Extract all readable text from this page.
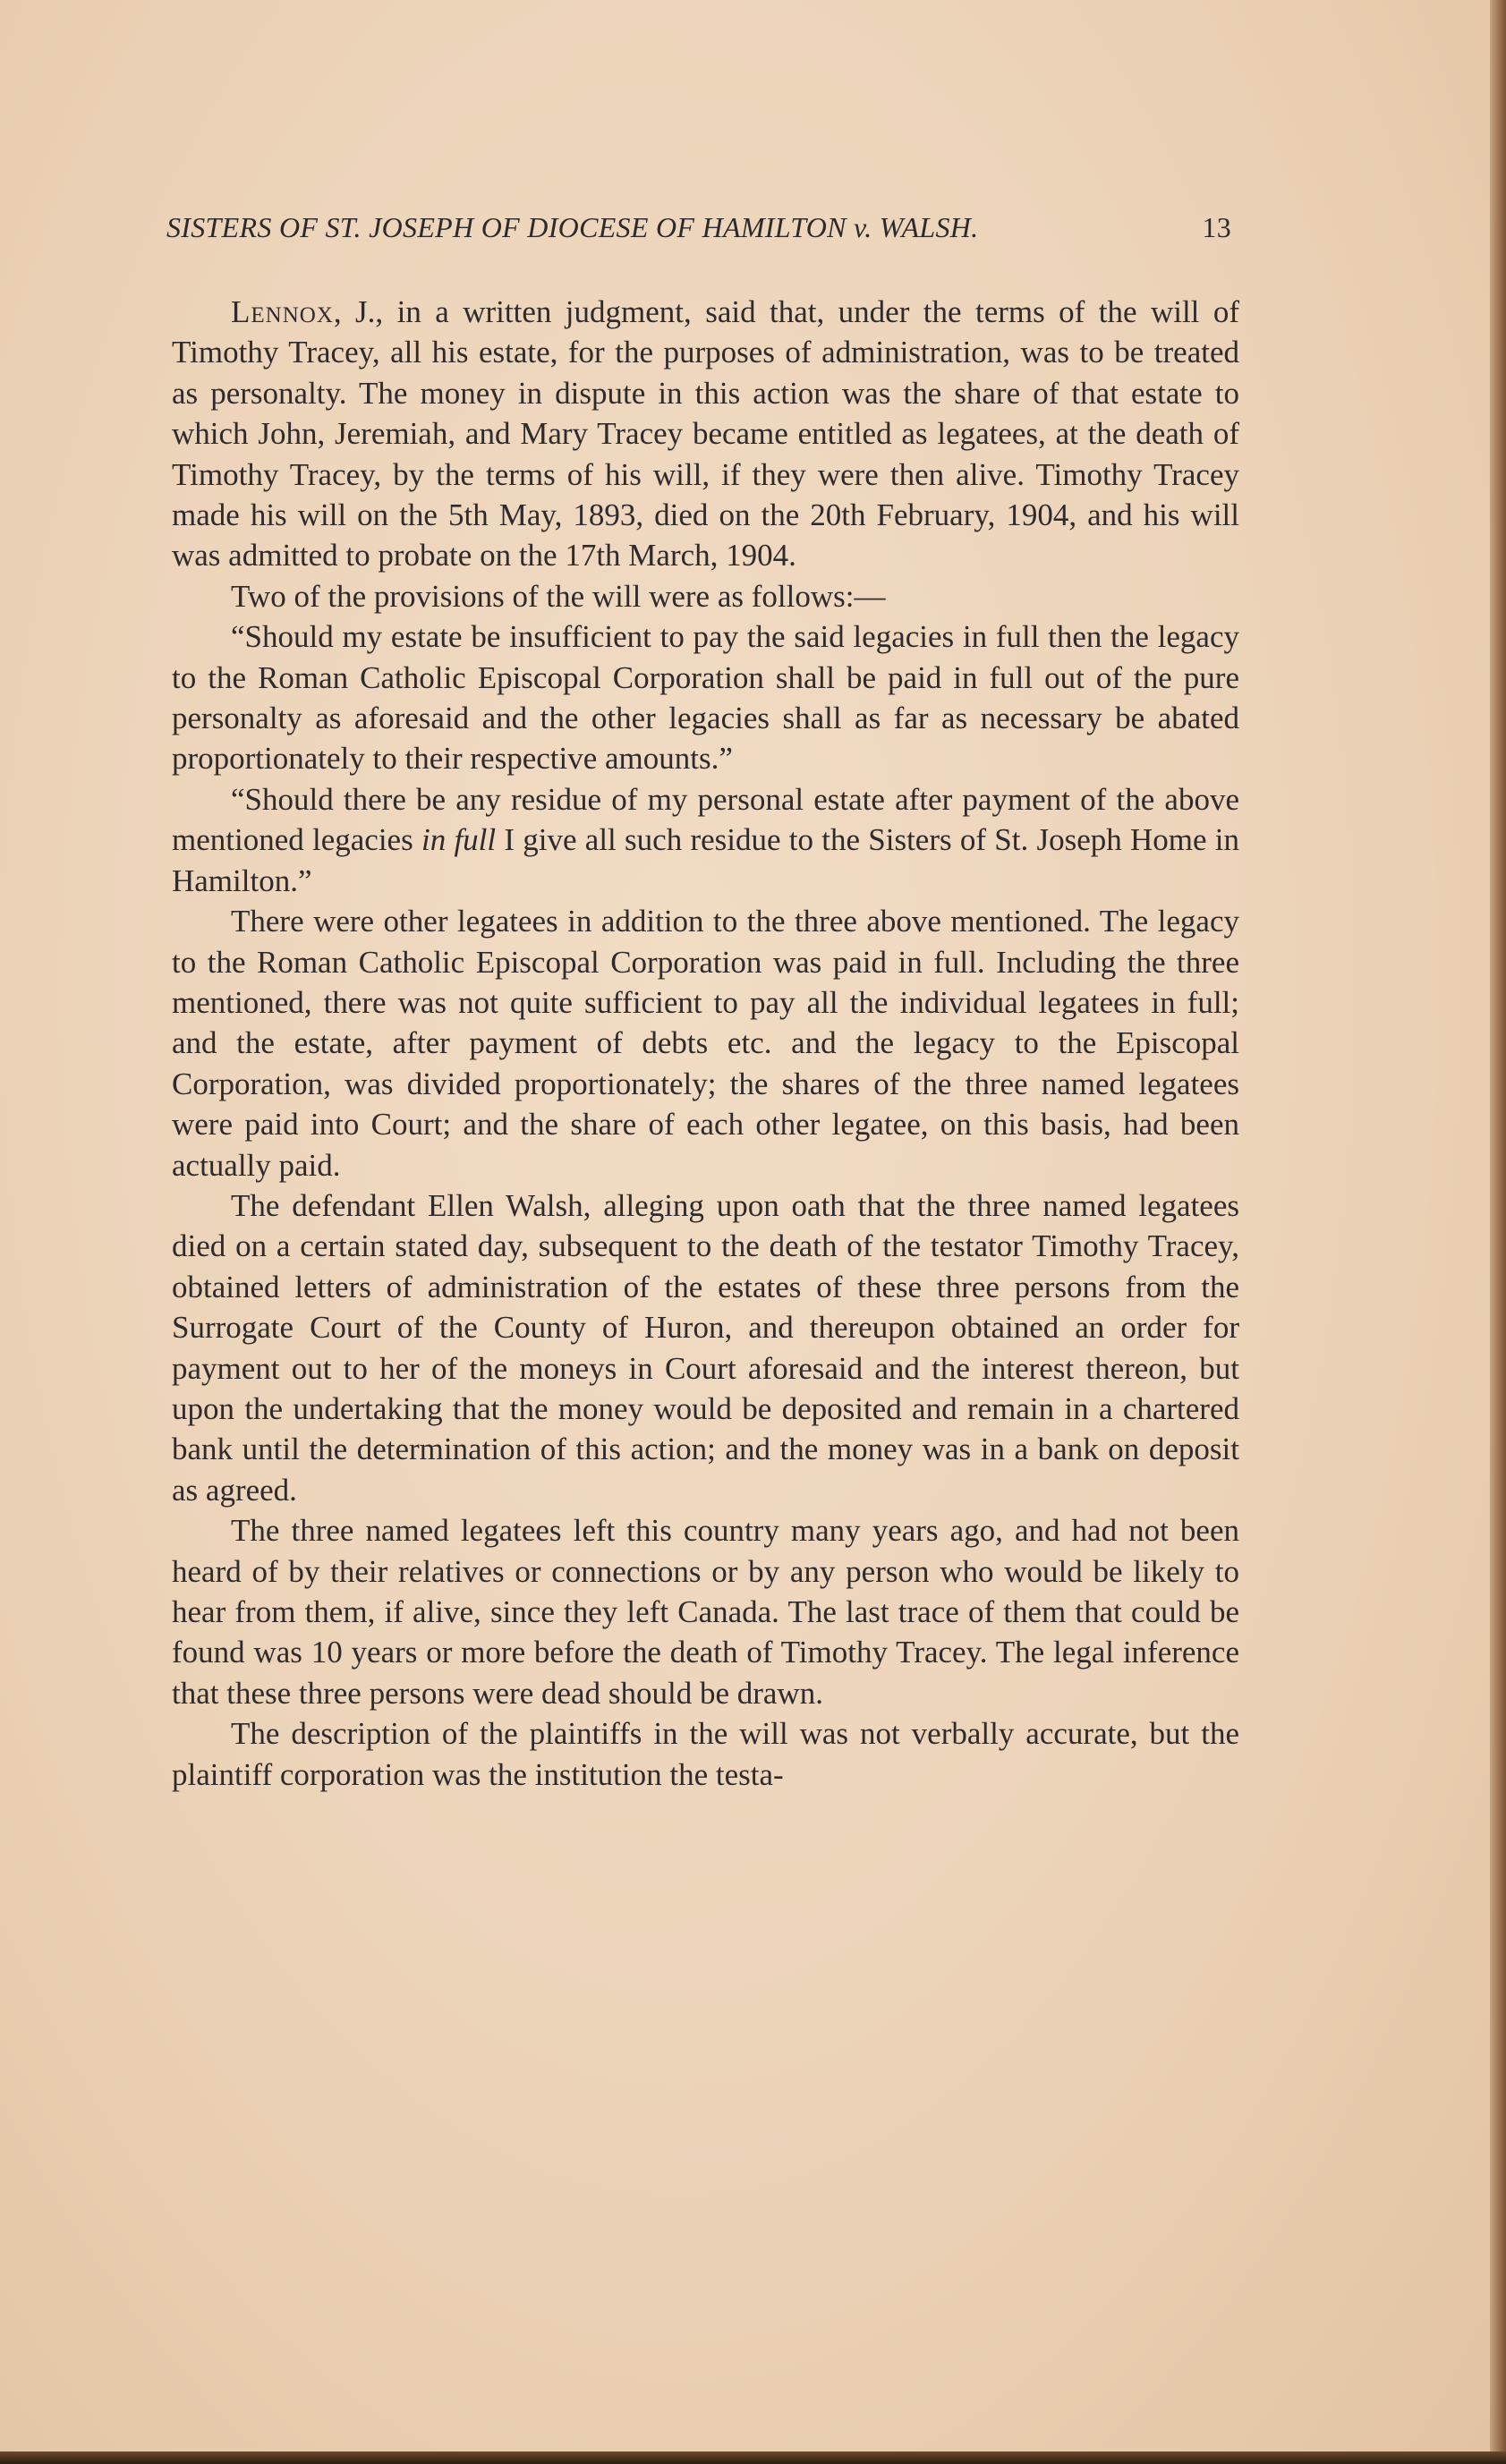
SISTERS OF ST. JOSEPH OF DIOCESE OF HAMILTON v. WALSH.	13

Lennox, J., in a written judgment, said that, under the terms of the will of Timothy Tracey, all his estate, for the purposes of administration, was to be treated as personalty. The money in dispute in this action was the share of that estate to which John, Jeremiah, and Mary Tracey became entitled as legatees, at the death of Timothy Tracey, by the terms of his will, if they were then alive. Timothy Tracey made his will on the 5th May, 1893, died on the 20th February, 1904, and his will was admitted to probate on the 17th March, 1904.

Two of the provisions of the will were as follows:—

“Should my estate be insufficient to pay the said legacies in full then the legacy to the Roman Catholic Episcopal Corporation shall be paid in full out of the pure personalty as aforesaid and the other legacies shall as far as necessary be abated proportionately to their respective amounts.”

“Should there be any residue of my personal estate after payment of the above mentioned legacies in full I give all such residue to the Sisters of St. Joseph Home in Hamilton.”

There were other legatees in addition to the three above mentioned. The legacy to the Roman Catholic Episcopal Corporation was paid in full. Including the three mentioned, there was not quite sufficient to pay all the individual legatees in full; and the estate, after payment of debts etc. and the legacy to the Episcopal Corporation, was divided proportionately; the shares of the three named legatees were paid into Court; and the share of each other legatee, on this basis, had been actually paid.

The defendant Ellen Walsh, alleging upon oath that the three named legatees died on a certain stated day, subsequent to the death of the testator Timothy Tracey, obtained letters of administration of the estates of these three persons from the Surrogate Court of the County of Huron, and thereupon obtained an order for payment out to her of the moneys in Court aforesaid and the interest thereon, but upon the undertaking that the money would be deposited and remain in a chartered bank until the determination of this action; and the money was in a bank on deposit as agreed.

The three named legatees left this country many years ago, and had not been heard of by their relatives or connections or by any person who would be likely to hear from them, if alive, since they left Canada. The last trace of them that could be found was 10 years or more before the death of Timothy Tracey. The legal inference that these three persons were dead should be drawn.

The description of the plaintiffs in the will was not verbally accurate, but the plaintiff corporation was the institution the testa-
